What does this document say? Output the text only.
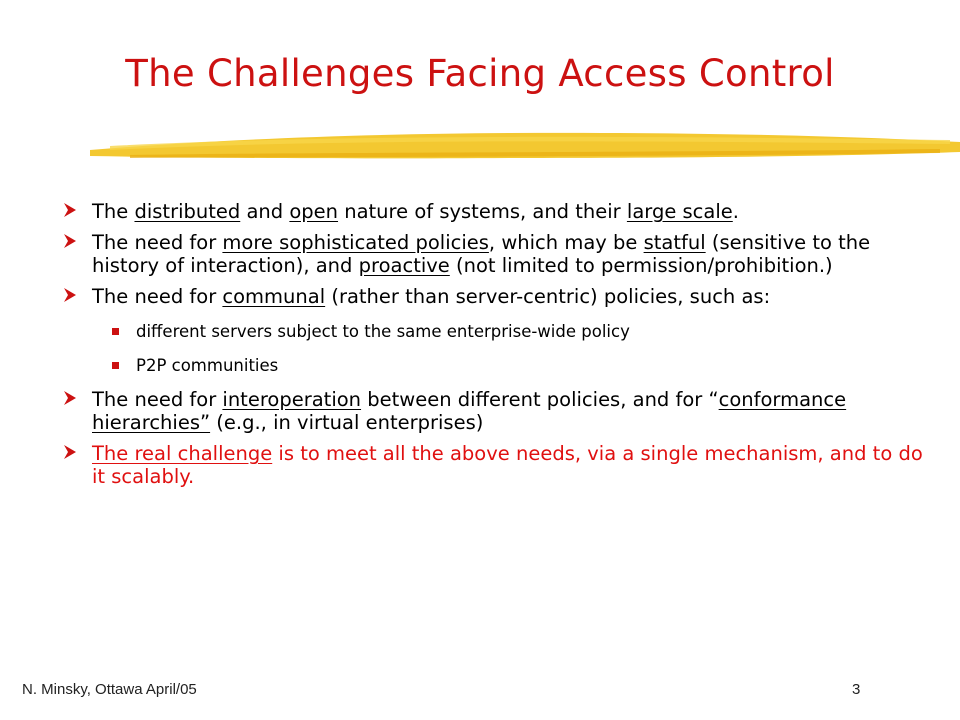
The Challenges Facing Access Control
The distributed and open nature of systems, and their large scale.
The need for more sophisticated policies, which may be statful (sensitive to the history of interaction), and proactive (not limited to permission/prohibition.)
The need for communal (rather than server-centric) policies, such as:
different servers subject to the same enterprise-wide policy
P2P communities
The need for interoperation between different policies, and for “conformance hierarchies” (e.g., in virtual enterprises)
The real challenge is to meet all the above needs, via a single mechanism, and to do it scalably.
N. Minsky, Ottawa April/05	3
